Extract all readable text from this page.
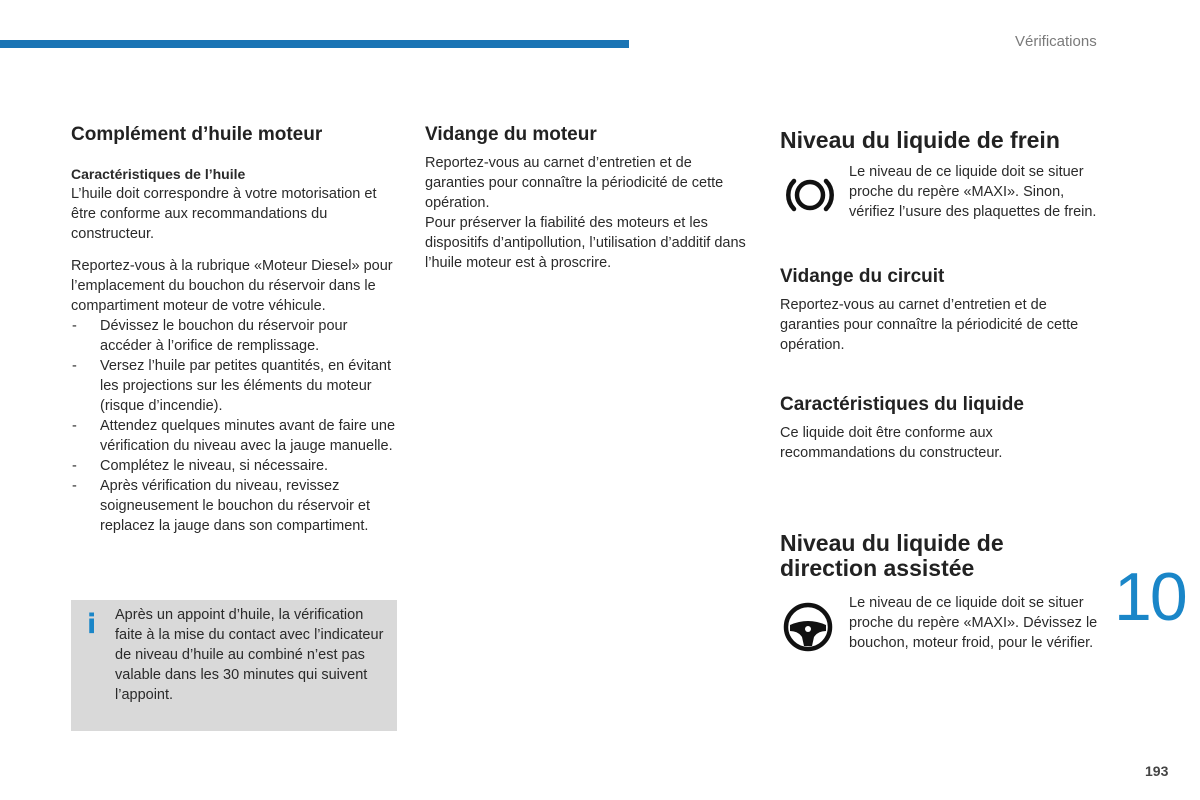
Vérifications
Complément d’huile moteur

Caractéristiques de l’huile

L’huile doit correspondre à votre motorisation et être conforme aux recommandations du constructeur.

Reportez-vous à la rubrique «Moteur Diesel» pour l’emplacement du bouchon du réservoir dans le compartiment moteur de votre véhicule.

- Dévissez le bouchon du réservoir pour accéder à l’orifice de remplissage.
- Versez l’huile par petites quantités, en évitant les projections sur les éléments du moteur (risque d’incendie).
- Attendez quelques minutes avant de faire une vérification du niveau avec la jauge manuelle.
- Complétez le niveau, si nécessaire.
- Après vérification du niveau, revissez soigneusement le bouchon du réservoir et replacez la jauge dans son compartiment.
i Après un appoint d’huile, la vérification faite à la mise du contact avec l’indicateur de niveau d’huile au combiné n’est pas valable dans les 30 minutes qui suivent l’appoint.

Vidange du moteur

Reportez-vous au carnet d’entretien et de garanties pour connaître la périodicité de cette opération.

Pour préserver la fiabilité des moteurs et les dispositifs d’antipollution, l’utilisation d’additif dans l’huile moteur est à proscrire.

Niveau du liquide de frein

Le niveau de ce liquide doit se situer proche du repère «MAXI». Sinon, vérifiez l’usure des plaquettes de frein.

Vidange du circuit

Reportez-vous au carnet d’entretien et de garanties pour connaître la périodicité de cette opération.

Caractéristiques du liquide

Ce liquide doit être conforme aux recommandations du constructeur.

Niveau du liquide de
direction assistée

Le niveau de ce liquide doit se situer proche du repère «MAXI». Dévissez le bouchon, moteur froid, pour le vérifier.

10
193
